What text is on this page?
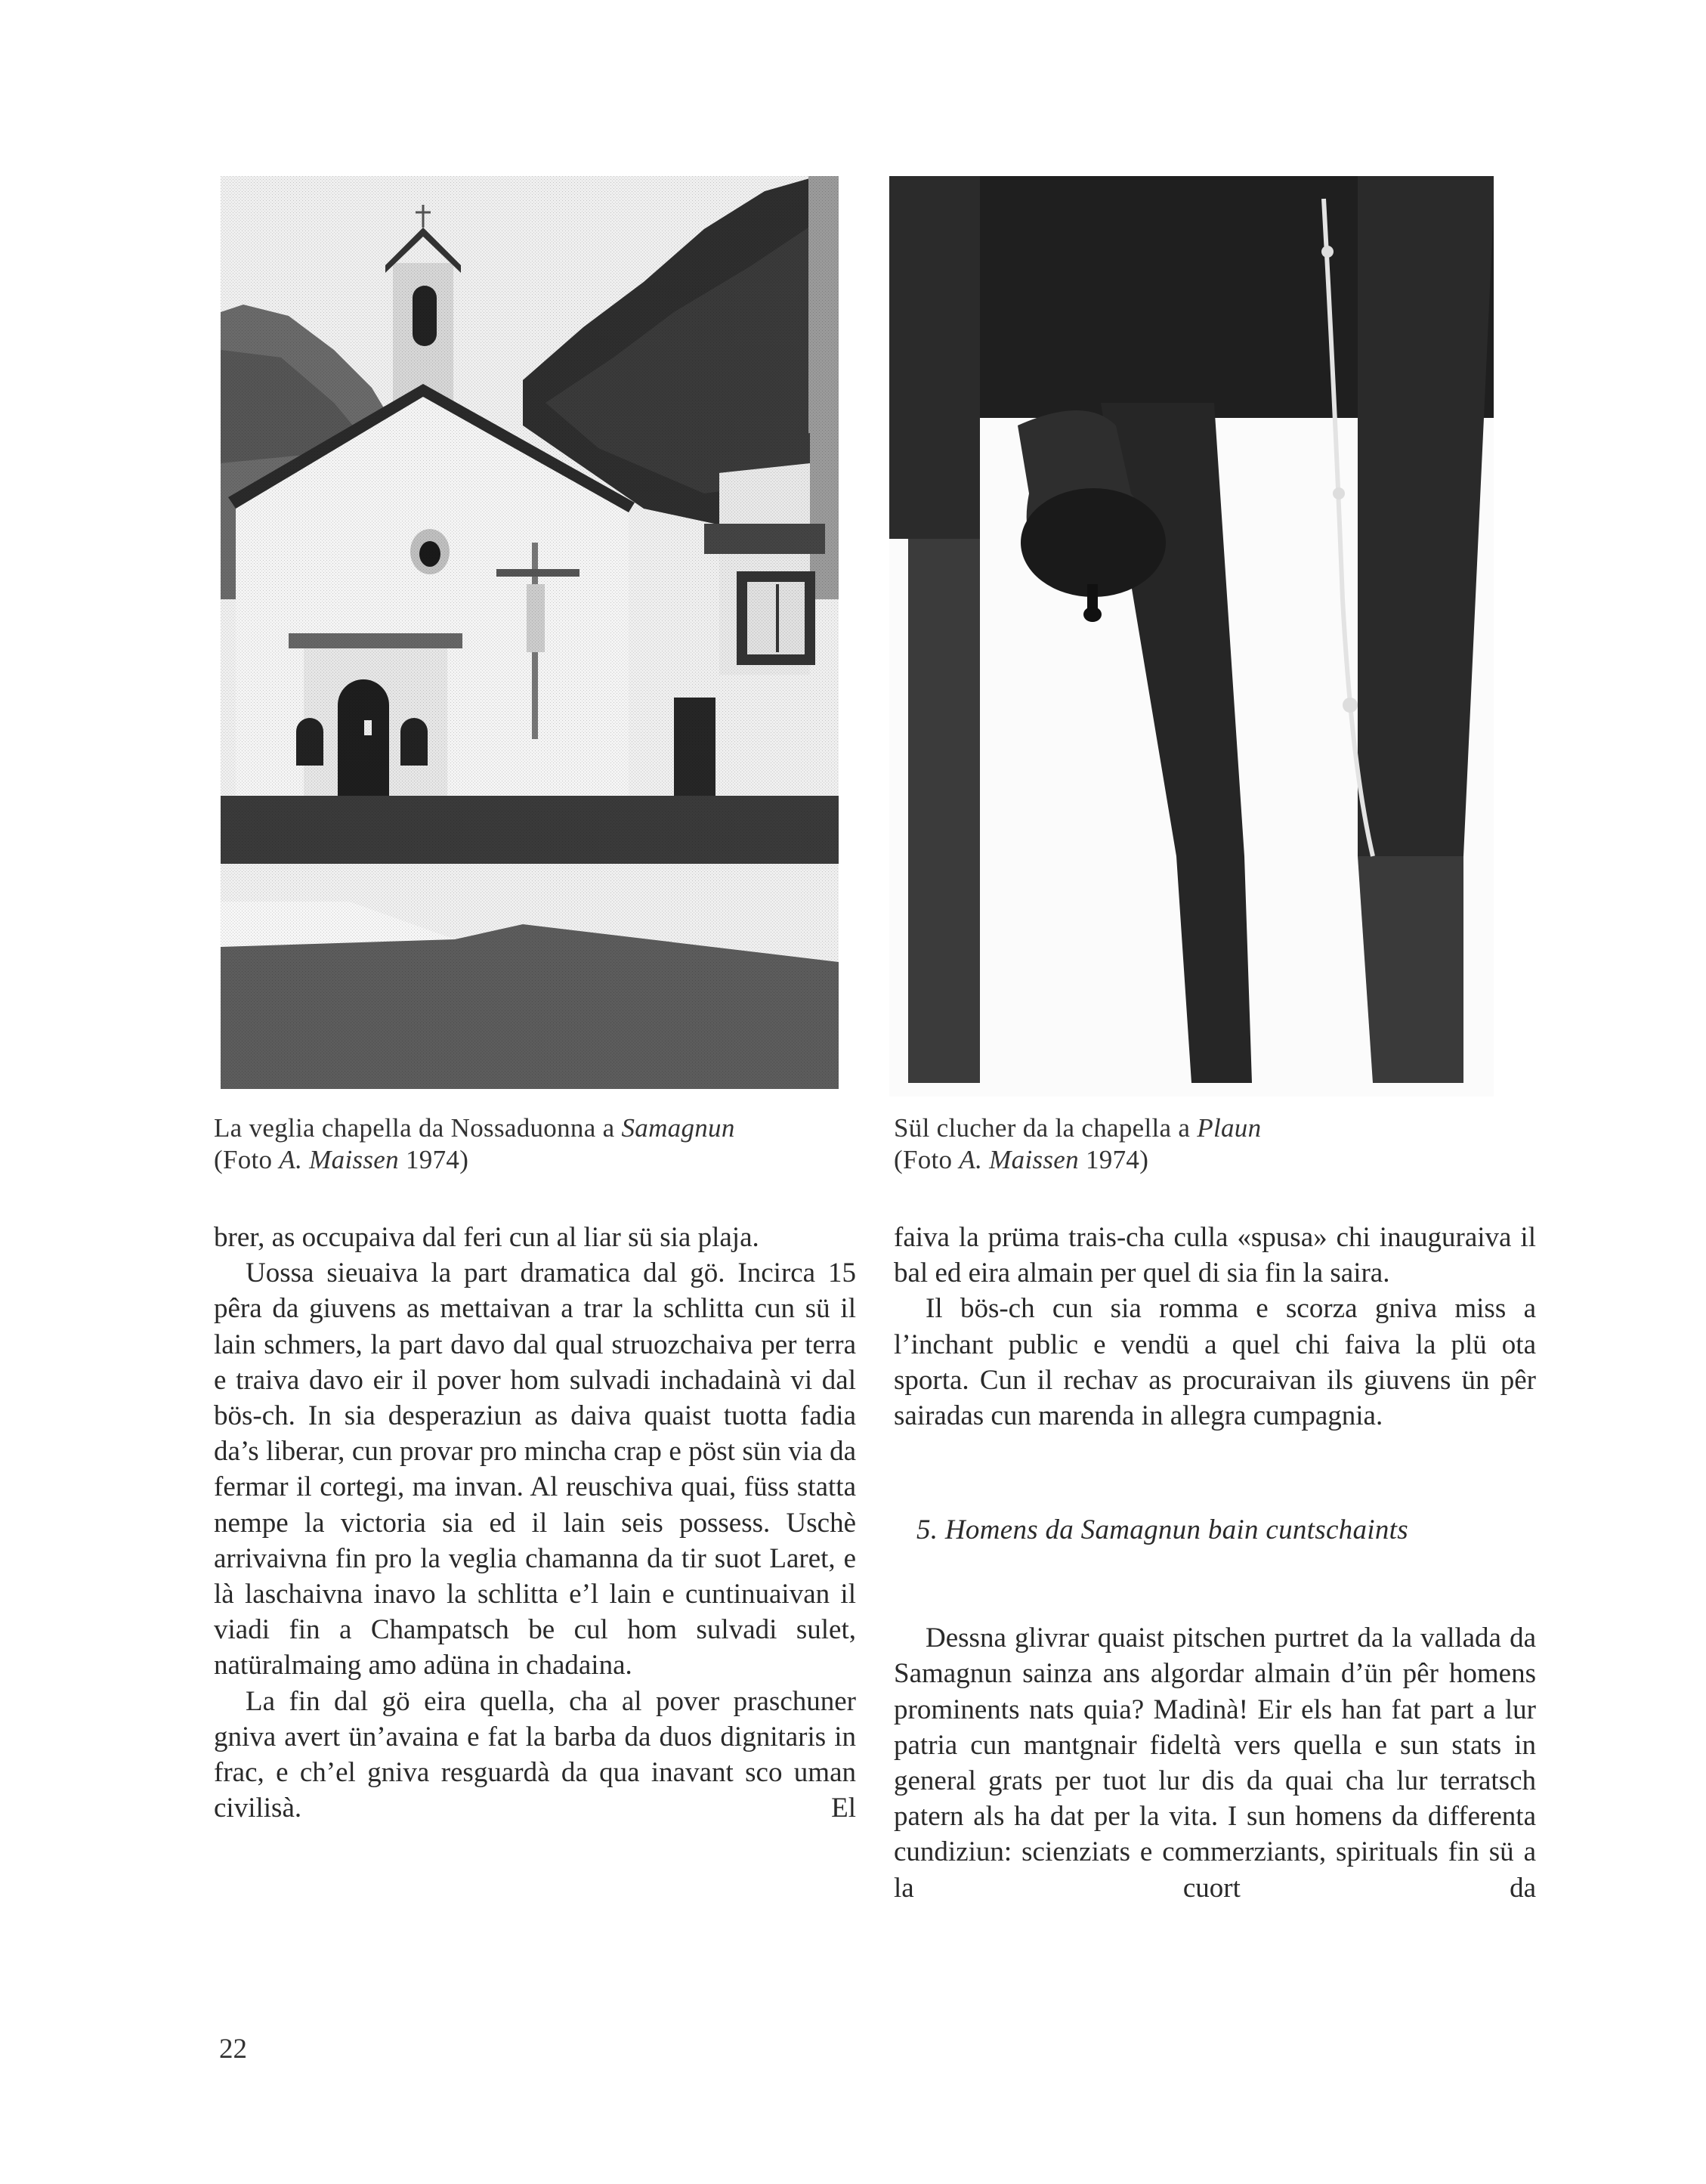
La veglia chapella da Nossaduonna a Samagnun
(Foto A. Maissen 1974)
Sül clucher da la chapella a Plaun
(Foto A. Maissen 1974)

brer, as occupaiva dal feri cun al liar sü sia plaja.

Uossa sieuaiva la part dramatica dal gö. Incirca 15 pêra da giuvens as mettaivan a trar la schlitta cun sü il lain schmers, la part davo dal qual struozchaiva per terra e traiva davo eir il pover hom sulvadi inchadainà vi dal bös-ch. In sia desperaziun as daiva quaist tuotta fadia da’s liberar, cun provar pro mincha crap e pöst sün via da fermar il cortegi, ma invan. Al reuschiva quai, füss statta nempe la victoria sia ed il lain seis possess. Uschè arrivaivna fin pro la veglia chamanna da tir suot Laret, e là laschaivna inavo la schlitta e’l lain e cuntinuaivan il viadi fin a Champatsch be cul hom sulvadi sulet, natüralmaing amo adüna in chadaina.

La fin dal gö eira quella, cha al pover praschuner gniva avert ün’avaina e fat la barba da duos dignitaris in frac, e ch’el gniva resguardà da qua inavant sco uman civilisà. El

faiva la prüma trais-cha culla «spusa» chi inauguraiva il bal ed eira almain per quel di sia fin la saira.

Il bös-ch cun sia romma e scorza gniva miss a l’inchant public e vendü a quel chi faiva la plü ota sporta. Cun il rechav as procuraivan ils giuvens ün pêr sairadas cun marenda in allegra cumpagnia.

5. Homens da Samagnun bain cuntschaints

Dessna glivrar quaist pitschen purtret da la vallada da Samagnun sainza ans algordar almain d’ün pêr homens prominents nats quia? Madinà! Eir els han fat part a lur patria cun mantgnair fideltà vers quella e sun stats in general grats per tuot lur dis da quai cha lur terratsch patern als ha dat per la vita. I sun homens da differenta cundiziun: scienziats e commerziants, spirituals fin sü a la cuort da

22
